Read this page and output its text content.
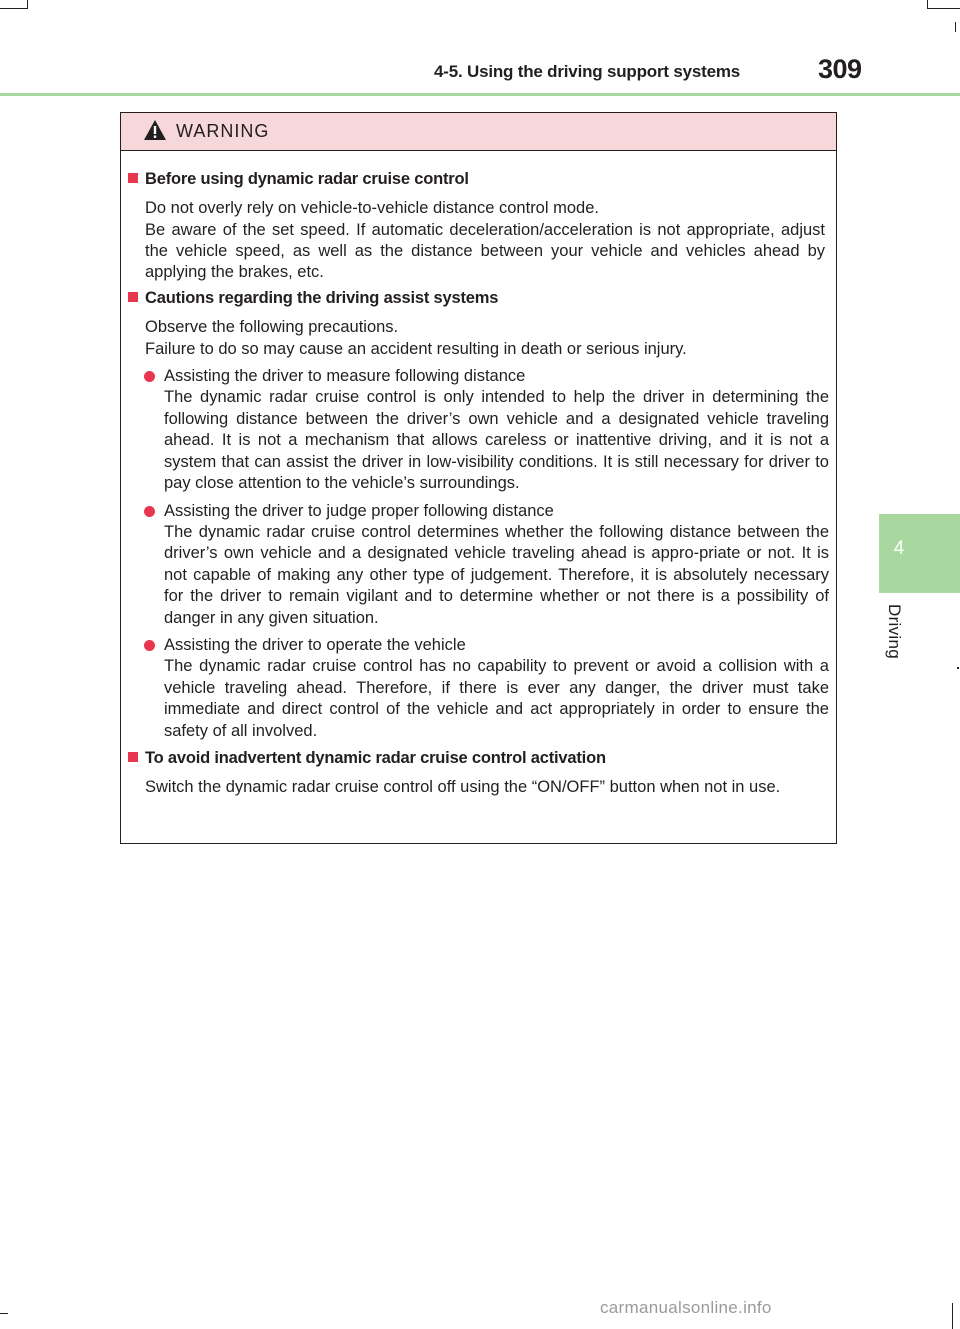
4-5. Using the driving support systems	309
4
Driving
WARNING
Before using dynamic radar cruise control
Do not overly rely on vehicle-to-vehicle distance control mode.
Be aware of the set speed. If automatic deceleration/acceleration is not appropriate, adjust the vehicle speed, as well as the distance between your vehicle and vehicles ahead by applying the brakes, etc.
Cautions regarding the driving assist systems
Observe the following precautions.
Failure to do so may cause an accident resulting in death or serious injury.
Assisting the driver to measure following distance
The dynamic radar cruise control is only intended to help the driver in determining the following distance between the driver’s own vehicle and a designated vehicle traveling ahead. It is not a mechanism that allows careless or inattentive driving, and it is not a system that can assist the driver in low-visibility conditions. It is still necessary for driver to pay close attention to the vehicle’s surroundings.
Assisting the driver to judge proper following distance
The dynamic radar cruise control determines whether the following distance between the driver’s own vehicle and a designated vehicle traveling ahead is appro-priate or not. It is not capable of making any other type of judgement. Therefore, it is absolutely necessary for the driver to remain vigilant and to determine whether or not there is a possibility of danger in any given situation.
Assisting the driver to operate the vehicle
The dynamic radar cruise control has no capability to prevent or avoid a collision with a vehicle traveling ahead. Therefore, if there is ever any danger, the driver must take immediate and direct control of the vehicle and act appropriately in order to ensure the safety of all involved.
To avoid inadvertent dynamic radar cruise control activation
Switch the dynamic radar cruise control off using the “ON/OFF” button when not in use.
carmanualsonline.info
